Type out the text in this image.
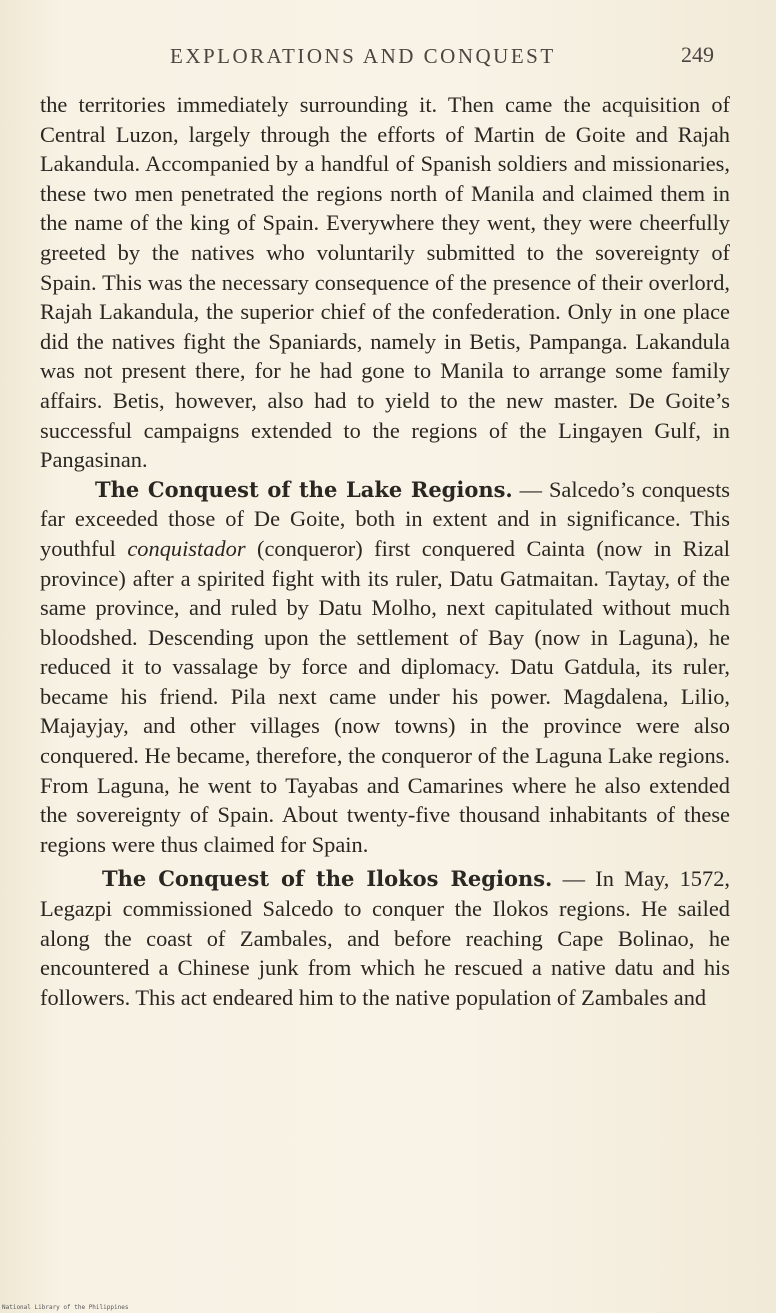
EXPLORATIONS AND CONQUEST	249

the territories immediately surrounding it. Then came the acquisition of Central Luzon, largely through the efforts of Martin de Goite and Rajah Lakandula. Accompanied by a handful of Spanish soldiers and missionaries, these two men penetrated the regions north of Manila and claimed them in the name of the king of Spain. Everywhere they went, they were cheerfully greeted by the natives who voluntarily submitted to the sovereignty of Spain. This was the necessary consequence of the presence of their overlord, Rajah Lakandula, the superior chief of the confederation. Only in one place did the natives fight the Spaniards, namely in Betis, Pampanga. Lakandula was not present there, for he had gone to Manila to arrange some family affairs. Betis, however, also had to yield to the new master. De Goite’s successful campaigns extended to the regions of the Lingayen Gulf, in Pangasinan.

The Conquest of the Lake Regions. — Salcedo’s conquests far exceeded those of De Goite, both in extent and in significance. This youthful conquistador (conqueror) first conquered Cainta (now in Rizal province) after a spirited fight with its ruler, Datu Gatmaitan. Taytay, of the same province, and ruled by Datu Molho, next capitulated without much bloodshed. Descending upon the settlement of Bay (now in Laguna), he reduced it to vassalage by force and diplomacy. Datu Gatdula, its ruler, became his friend. Pila next came under his power. Magdalena, Lilio, Majayjay, and other villages (now towns) in the province were also conquered. He became, therefore, the conqueror of the Laguna Lake regions. From Laguna, he went to Tayabas and Camarines where he also extended the sovereignty of Spain. About twenty-five thousand inhabitants of these regions were thus claimed for Spain.

The Conquest of the Ilokos Regions. — In May, 1572, Legazpi commissioned Salcedo to conquer the Ilokos regions. He sailed along the coast of Zambales, and before reaching Cape Bolinao, he encountered a Chinese junk from which he rescued a native datu and his followers. This act endeared him to the native population of Zambales and

National Library of the Philippines
